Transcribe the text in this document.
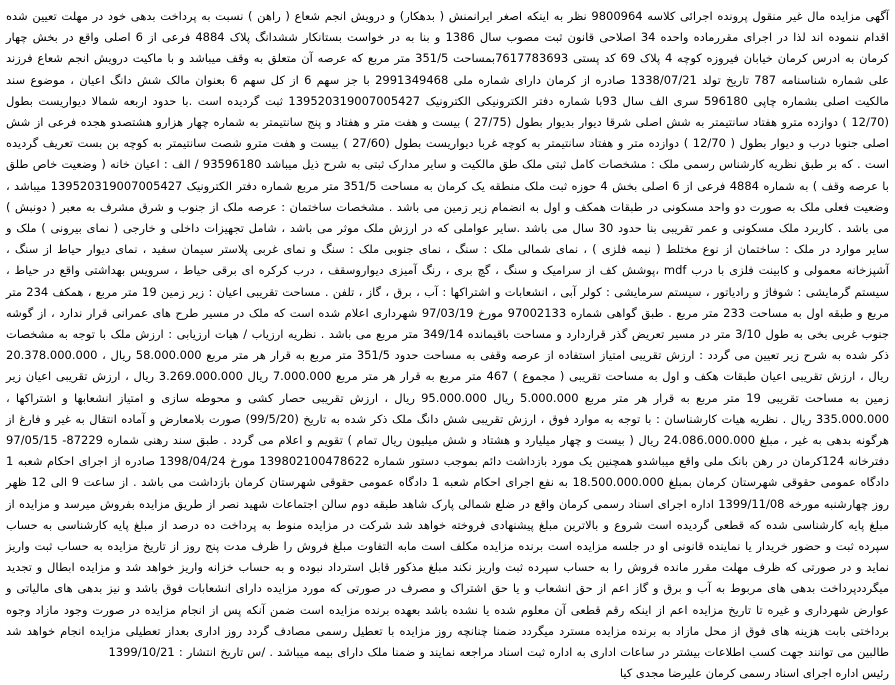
آگهی مزایده مال غیر منقول پرونده اجرائی کلاسه 9800964 نظر به اینکه اصغر ایرانمنش ( بدهکار) و درویش انجم شعاع ( راهن ) نسبت به پرداخت بدهی خود در مهلت تعیین شده اقدام ننموده اند لذا در اجرای مقررماده واحده 34 اصلاحی قانون ثبت مصوب سال 1386 و بنا به در خواست بستانکار ششدانگ پلاک 4884 فرعی از 6 اصلی واقع در بخش چهار کرمان به ادرس کرمان خیابان فیروزه کوچه 4 پلاک 69 کد پستی 7617783693بمساحت 351/5 متر مربع که عرصه آن متعلق به وقف میباشد و با ماکیت درویش انجم شعاع فرزند علی شماره شناسنامه 787 تاریخ تولد 1338/07/21 صادره از کرمان دارای شماره ملی 2991349468 با جز سهم 6 از کل سهم 6 بعنوان مالک شش دانگ اعیان ، موضوع سند مالکیت اصلی بشماره چاپی 596180 سری الف سال 93با شماره دفتر الکترونیکی الکترونیک 139520319007005427 ثبت گردیده است .با حدود اربعه شمالا دیواریست بطول (12/70 ) دوازده مترو هفتاد سانتیمتر به شش اصلی شرقا دیوار بدیوار بطول (27/75 ) بیست و هفت متر و هفتاد و پنج سانتیمتر به شماره چهار هزارو هشتصدو هجده فرعی از شش اصلی جنوبا درب و دیوار بطول ( 12/70 ) دوازده متر و هفتاد سانتیمتر به کوچه غربا دیواریست بطول (27/60 ) بیست و هفت مترو شصت سانتیمتر به کوچه بن بست تعریف گردیده است . که بر طبق نظریه کارشناس رسمی ملک : مشخصات کامل ثبتی ملک طق مالکیت و سایر مدارک ثبتی به شرح ذیل میباشد 93596180 / الف : اعیان خانه ( وضعیت خاص طلق با عرصه وقف ) به شماره 4884 فرعی از 6 اصلی بخش 4 حوزه ثبت ملک منطقه یک کرمان به مساحت 351/5 متر مربع شماره دفتر الکترونیک 139520319007005427 میباشد ، وضعیت فعلی ملک به صورت دو واحد مسکونی در طبقات همکف و اول به انضمام زیر زمین می باشد . مشخصات ساختمان : عرصه ملک از جنوب و شرق مشرف به معبر ( دونبش ) می باشد . کاربرد ملک مسکونی و عمر تقریبی بنا حدود 30 سال می باشد .سایر عواملی که در ارزش ملک موثر می باشد ، شامل تجهیزات داخلی و خارجی ( نمای بیرونی ) ملک و سایر موارد در ملک : ساختمان از نوع مختلط ( نیمه فلزی ) ، نمای شمالی ملک : سنگ ، نمای جنوبی ملک : سنگ و نمای غربی پلاستر سیمان سفید ، نمای دیوار حیاط از سنگ ، آشپزخانه معمولی و کابینت فلزی با درب mdf ،پوشش کف از سرامیک و سنگ ، گچ بری ، رنگ آمیزی دیواروسقف ، درب کرکره ای برقی حیاط ، سرویس بهداشتی واقع در حیاط ، سیستم گرمایشی : شوفاژ و رادیاتور ، سیستم سرمایشی : کولر آبی ، انشعابات و اشتراکها : آب ، برق ، گاز ، تلفن . مساحت تقریبی اعیان : زیر زمین 19 متر مربع ، همکف 234 متر مربع و طبقه اول به مساحت 233 متر مربع . طبق گواهی شماره 97002133 مورخ 97/03/19 شهرداری اعلام شده است که ملک در مسیر طرح های عمرانی قرار ندارد ، از گوشه جنوب غربی بخی به طول 3/10 متر در مسیر تعریض گذر قراردارد و مساحت باقیمانده 349/14 متر مربع می باشد . نظریه ارزیاب / هیات ارزیابی : ارزش ملک با توجه به مشخصات ذکر شده به شرح زیر تعیین می گردد : ارزش تقریبی امتیاز استفاده از عرصه وقفی به مساحت حدود 351/5 متر مربع به قرار هر متر مربع 58.000.000 ریال ، 20.378.000.000 ریال ، ارزش تقریبی اعیان طبقات هکف و اول به مساحت تقریبی ( مجموع ) 467 متر مربع به قرار هر متر مربع 7.000.000 ریال 3.269.000.000 ریال ، ارزش تقریبی اعیان زیر زمین به مساحت تقریبی 19 متر مربع به قرار هر متر مربع 5.000.000 ریال 95.000.000 ریال ، ارزش تقریبی حصار کشی و محوطه سازی و امتیاز انشعابها و اشتراکها ، 335.000.000 ریال . نظریه هیات کارشناسان : با توجه به موارد فوق ، ارزش تقریبی شش دانگ ملک ذکر شده به تاریخ (99/5/20) صورت بلامعارض و آماده انتقال به غیر و فارغ از هرگونه بدهی به غیر ، مبلغ 24.086.000.000 ریال ( بیست و چهار میلیارد و هشتاد و شش میلیون ریال تمام ) تقویم و اعلام می گردد . طبق سند رهنی شماره 87229- 97/05/15 دفترخانه 124کرمان در رهن بانک ملی واقع میباشدو همچنین یک مورد بازداشت دائم بموجب دستور شماره 139802100478622 مورخ 1398/04/24 صادره از اجرای احکام شعبه 1 دادگاه عمومی حقوقی شهرستان کرمان بمبلغ 18.500.000.000 به نفع اجرای احکام شعبه 1 دادگاه عمومی حقوقی شهرستان کرمان بازداشت می باشد . از ساعت 9 الی 12 ظهر روز چهارشنبه مورخه 1399/11/08 اداره اجرای اسناد رسمی کرمان واقع در ضلع شمالی پارک شاهد طبقه دوم سالن اجتماعات شهید نصر از طریق مزایده بفروش میرسد و مزایده از مبلغ پایه کارشناسی شده که قطعی گردیده است شروع و بالاترین مبلغ پیشنهادی فروخته خواهد شد شرکت در مزایده منوط به پرداخت ده درصد از مبلغ پایه کارشناسی به حساب سپرده ثبت و حضور خریدار یا نماینده قانونی او در جلسه مزایده است برنده مزایده مکلف است مابه التفاوت مبلغ فروش را ظرف مدت پنج روز از تاریخ مزایده به حساب ثبت واریز نماید و در صورتی که ظرف مهلت مقرر مانده فروش را به حساب سپرده ثبت واریز نکند مبلغ مذکور قابل استرداد نبوده و به حساب خزانه واریز خواهد شد و مزایده ابطال و تجدید میگرددپرداخت بدهی های مربوط به آب و برق و گاز اعم از حق انشعاب و یا حق اشتراک و مصرف در صورتی که مورد مزایده دارای انشعابات فوق باشد و نیز بدهی های مالیاتی و عوارض شهرداری و غیره تا تاریخ مزایده اعم از اینکه رقم قطعی آن معلوم شده یا نشده باشد بعهده برنده مزایده است ضمن آنکه پس از انجام مزایده در صورت وجود مازاد وجوه برداختی بابت هزینه های فوق از محل مازاد به برنده مزایده مسترد میگردد ضمنا چنانچه روز مزایده با تعطیل رسمی مصادف گردد روز اداری بعداز تعطیلی مزایده انجام خواهد شد طالبین می توانند جهت کسب اطلاعات بیشتر در ساعات اداری به اداره ثبت اسناد مراجعه نمایند و ضمنا ملک دارای بیمه میباشد . /س تاریخ انتشار : 1399/10/21

رئیس اداره اجرای اسناد رسمی کرمان علیرضا مجدی کیا
